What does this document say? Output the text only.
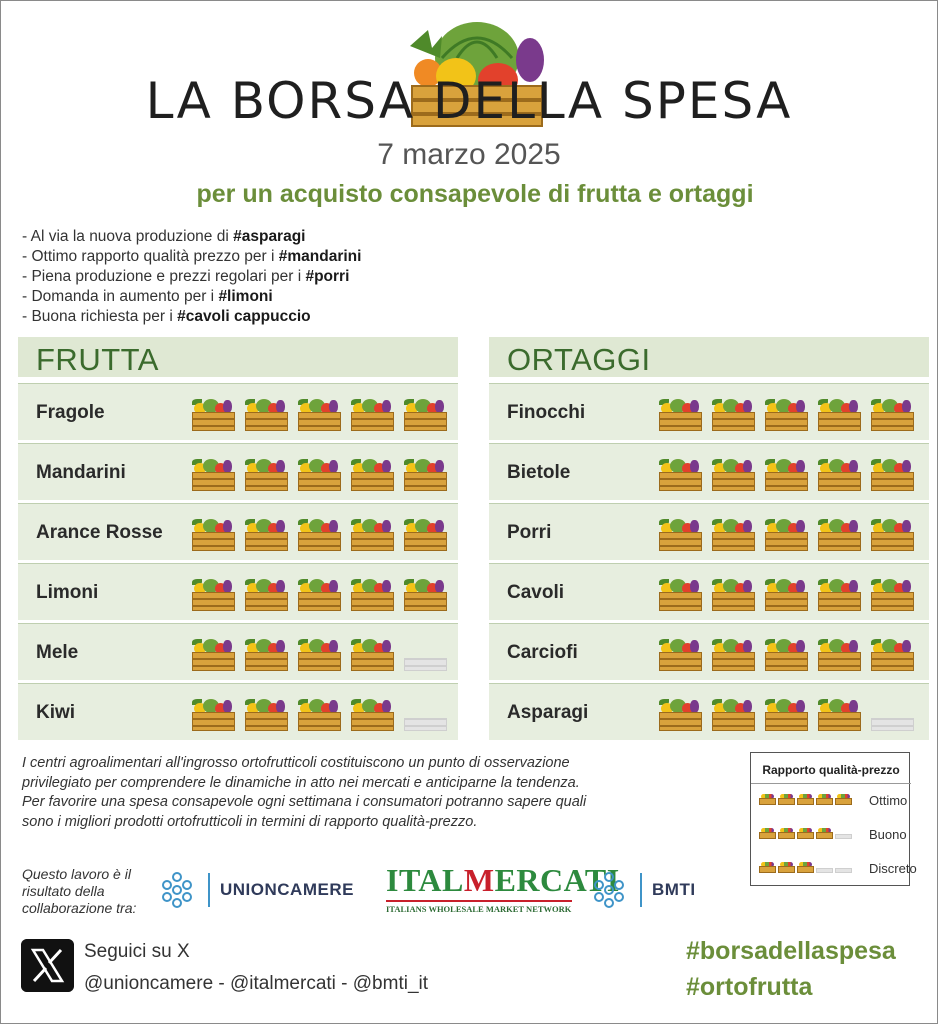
LA BORSA DELLA SPESA
7 marzo 2025
per un acquisto consapevole di frutta e ortaggi
- Al via la nuova produzione di #asparagi
- Ottimo rapporto qualità prezzo per i #mandarini
- Piena produzione e prezzi regolari per i #porri
- Domanda in aumento per i #limoni
- Buona richiesta per i #cavoli cappuccio
FRUTTA
Fragole
Mandarini
Arance Rosse
Limoni
Mele
Kiwi
ORTAGGI
Finocchi
Bietole
Porri
Cavoli
Carciofi
Asparagi
I centri agroalimentari all'ingrosso ortofrutticoli costituiscono un punto di osservazione
privilegiato per comprendere le dinamiche in atto nei mercati e anticiparne la tendenza.
Per favorire una spesa consapevole ogni settimana i consumatori potranno sapere quali
sono i migliori prodotti ortofrutticoli in termini di rapporto qualità-prezzo.
Rapporto qualità-prezzo
Ottimo
Buono
Discreto
Questo lavoro è il
risultato della
collaborazione tra:
UNIONCAMERE ITALMERCATI
ITALIANS WHOLESALE MARKET NETWORK
BMTI
Seguici su X
@unioncamere - @italmercati - @bmti_it
#borsadellaspesa
#ortofrutta
